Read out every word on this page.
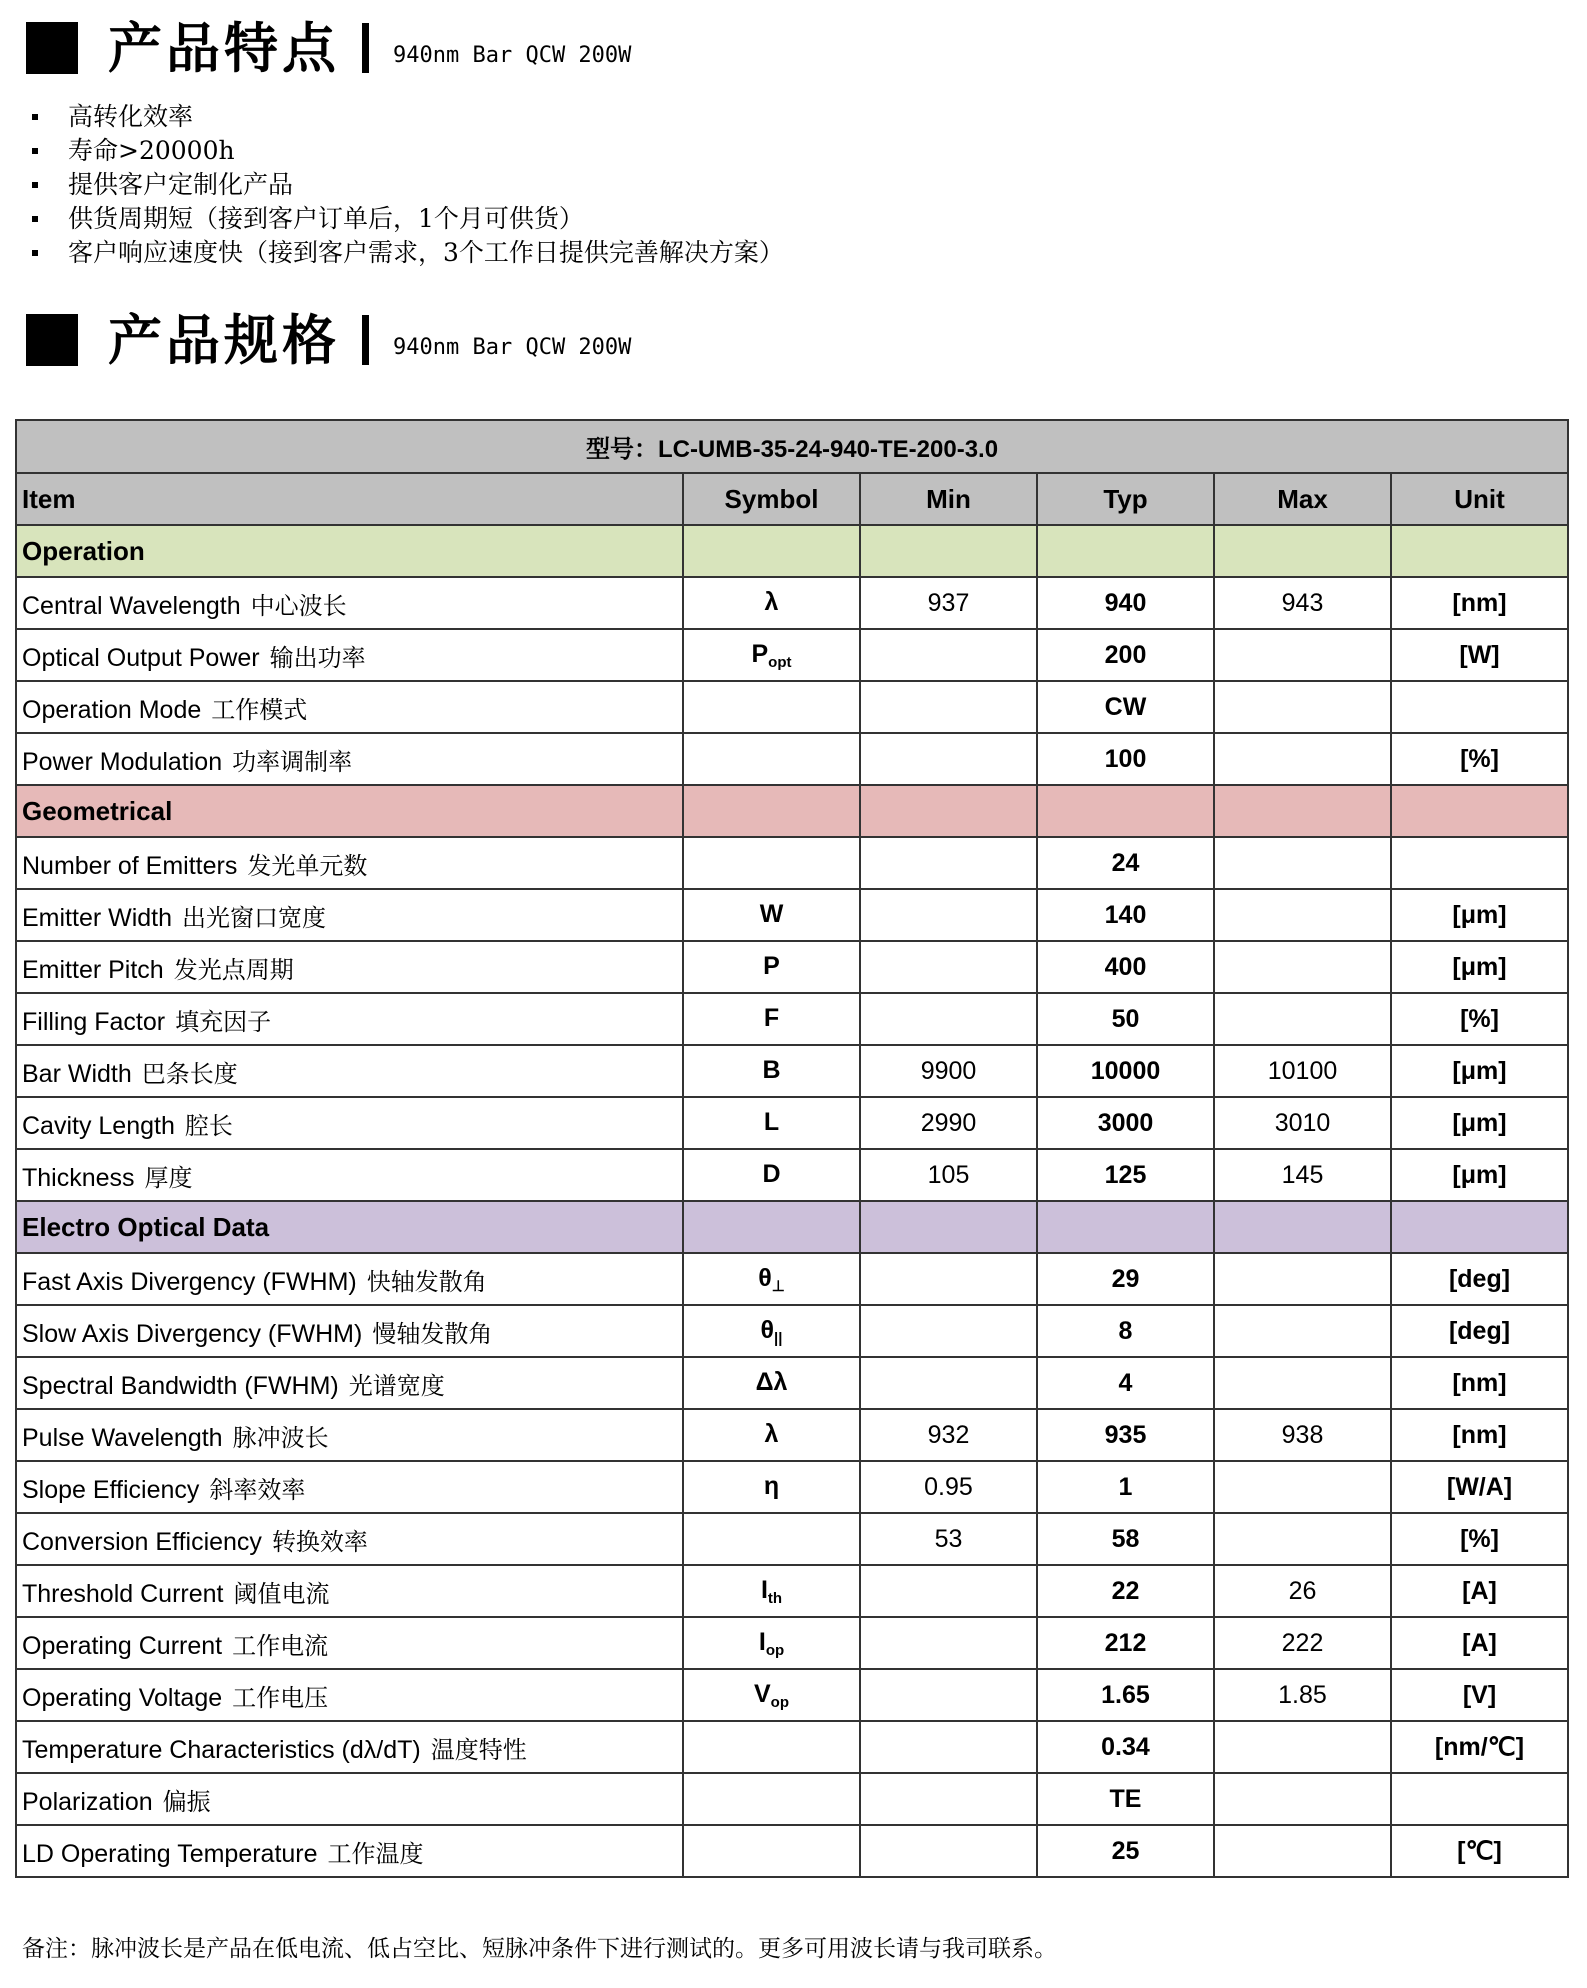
产品特点 940nm Bar QCW 200W
高转化效率
寿命>20000h
提供客户定制化产品
供货周期短（接到客户订单后，1个月可供货）
客户响应速度快（接到客户需求，3个工作日提供完善解决方案）
产品规格 940nm Bar QCW 200W
型号：LC-UMB-35-24-940-TE-200-3.0					
Item	Symbol	Min	Typ	Max	Unit
Operation					
Central Wavelength 中心波长	λ	937	940	943	[nm]
Optical Output Power 输出功率	$P_{opt}$		200		[W]
Operation Mode 工作模式			CW		
Power Modulation 功率调制率			100		[%]
Geometrical					
Number of Emitters 发光单元数			24		
Emitter Width 出光窗口宽度	W		140		[μm]
Emitter Pitch 发光点周期	P		400		[μm]
Filling Factor 填充因子	F		50		[%]
Bar Width 巴条长度	B	9900	10000	10100	[μm]
Cavity Length 腔长	L	2990	3000	3010	[μm]
Thickness 厚度	D	105	125	145	[μm]
Electro Optical Data					
Fast Axis Divergency (FWHM) 快轴发散角	$\theta_\perp$		29		[deg]
Slow Axis Divergency (FWHM) 慢轴发散角	$\theta_{||}$		8		[deg]
Spectral Bandwidth (FWHM) 光谱宽度	Δλ		4		[nm]
Pulse Wavelength 脉冲波长	λ	932	935	938	[nm]
Slope Efficiency 斜率效率	η	0.95	1		[W/A]
Conversion Efficiency 转换效率		53	58		[%]
Threshold Current 阈值电流	$I_{th}$		22	26	[A]
Operating Current 工作电流	$I_{op}$		212	222	[A]
Operating Voltage 工作电压	$V_{op}$		1.65	1.85	[V]
Temperature Characteristics (dλ/dT) 温度特性			0.34		[nm/℃]
Polarization 偏振			TE		
LD Operating Temperature 工作温度			25		[℃]
备注：脉冲波长是产品在低电流、低占空比、短脉冲条件下进行测试的。更多可用波长请与我司联系。
